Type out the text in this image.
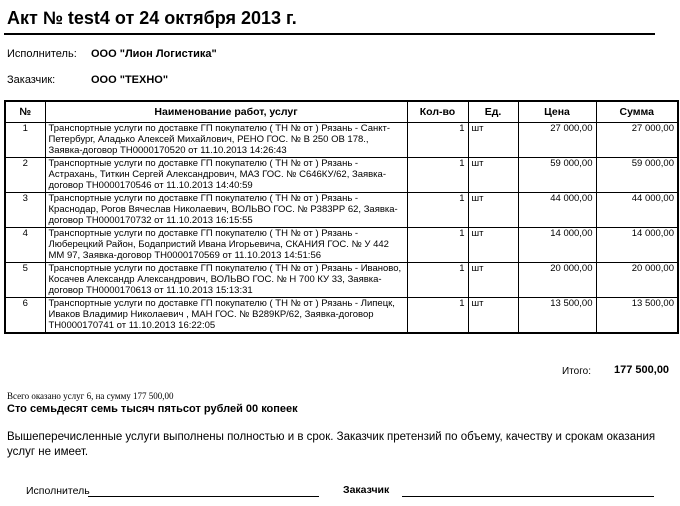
Акт № test4 от 24 октября 2013 г.
Исполнитель: ООО "Лион Логистика"
Заказчик:	ООО "ТЕХНО"
№	Наименование работ, услуг	Кол-во	Ед.	Цена	Сумма
1	Транспортные услуги по доставке ГП покупателю ( ТН № от ) Рязань - Санкт-Петербург, Аладько Алексей Михайлович, РЕНО ГОС. № В 250 ОВ 178., Заявка-договор ТН0000170520 от 11.10.2013 14:26:43	1	шт	27 000,00	27 000,00
2	Транспортные услуги по доставке ГП покупателю ( ТН № от ) Рязань - Астрахань, Титкин Сергей Александрович, МАЗ ГОС. № С646КУ/62, Заявка-договор ТН0000170546 от 11.10.2013 14:40:59	1	шт	59 000,00	59 000,00
3	Транспортные услуги по доставке ГП покупателю ( ТН № от ) Рязань - Краснодар, Рогов Вячеслав Николаевич, ВОЛЬВО ГОС. № Р383РР 62, Заявка-договор ТН0000170732 от 11.10.2013 16:15:55	1	шт	44 000,00	44 000,00
4	Транспортные услуги по доставке ГП покупателю ( ТН № от ) Рязань - Люберецкий Район, Бодапристий Ивана Игорьевича, СКАНИЯ ГОС. № У 442 ММ 97, Заявка-договор ТН0000170569 от 11.10.2013 14:51:56	1	шт	14 000,00	14 000,00
5	Транспортные услуги по доставке ГП покупателю ( ТН № от ) Рязань - Иваново, Косачев Александр Александрович, ВОЛЬВО ГОС. № Н 700 КУ 33, Заявка-договор ТН0000170613 от 11.10.2013 15:13:31	1	шт	20 000,00	20 000,00
6	Транспортные услуги по доставке ГП покупателю ( ТН № от ) Рязань - Липецк, Иваков Владимир Николаевич , МАН ГОС. № В289КР/62, Заявка-договор ТН0000170741 от 11.10.2013 16:22:05	1	шт	13 500,00	13 500,00
Итого: 177 500,00
Всего оказано услуг 6, на сумму 177 500,00
Сто семьдесят семь тысяч пятьсот рублей 00 копеек
Вышеперечисленные услуги выполнены полностью и в срок. Заказчик претензий по объему, качеству и срокам оказания услуг не имеет.
Исполнитель	Заказчик
